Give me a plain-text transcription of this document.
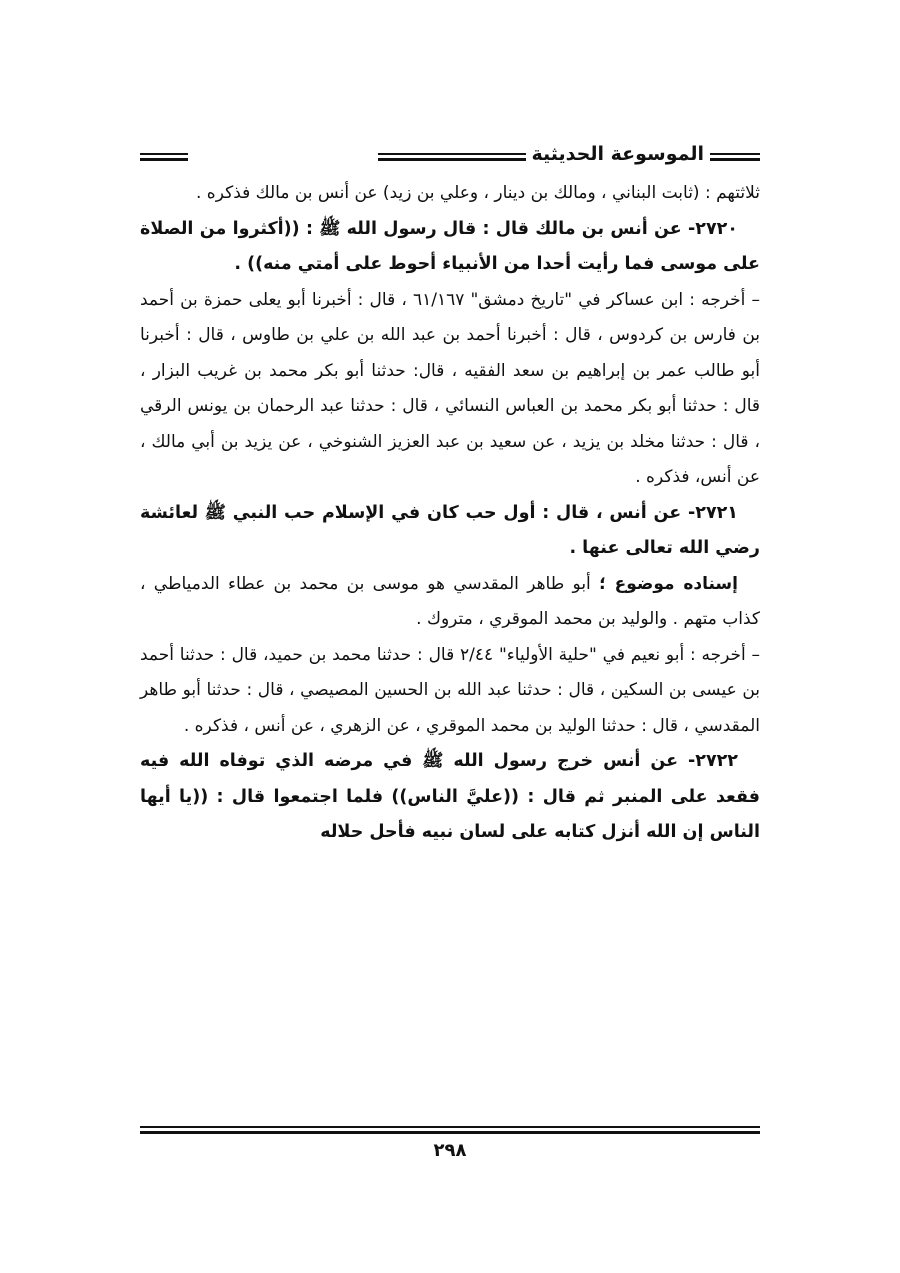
الموسوعة الحديثية

ثلاثتهم : (ثابت البناني ، ومالك بن دينار ، وعلي بن زيد) عن أنس بن مالك فذكره .

٢٧٢٠- عن أنس بن مالك قال : قال رسول الله ﷺ : ((أكثروا من الصلاة على موسى فما رأيت أحدا من الأنبياء أحوط على أمتي منه)) .

– أخرجه : ابن عساكر في "تاريخ دمشق" ٦١/١٦٧ ، قال : أخبرنا أبو يعلى حمزة بن أحمد بن فارس بن كردوس ، قال : أخبرنا أحمد بن عبد الله بن علي بن طاوس ، قال : أخبرنا أبو طالب عمر بن إبراهيم بن سعد الفقيه ، قال: حدثنا أبو بكر محمد بن غريب البزار ، قال : حدثنا أبو بكر محمد بن العباس النسائي ، قال : حدثنا عبد الرحمان بن يونس الرقي ، قال : حدثنا مخلد بن يزيد ، عن سعيد بن عبد العزيز الشنوخي ، عن يزيد بن أبي مالك ، عن أنس، فذكره .

٢٧٢١- عن أنس ، قال : أول حب كان في الإسلام حب النبي ﷺ لعائشة رضي الله تعالى عنها .

إسناده موضوع ؛ أبو طاهر المقدسي هو موسى بن محمد بن عطاء الدمياطي ، كذاب متهم . والوليد بن محمد الموقري ، متروك .

– أخرجه : أبو نعيم في "حلية الأولياء" ٢/٤٤ قال : حدثنا محمد بن حميد، قال : حدثنا أحمد بن عيسى بن السكين ، قال : حدثنا عبد الله بن الحسين المصيصي ، قال : حدثنا أبو طاهر المقدسي ، قال : حدثنا الوليد بن محمد الموقري ، عن الزهري ، عن أنس ، فذكره .

٢٧٢٢- عن أنس خرج رسول الله ﷺ في مرضه الذي توفاه الله فيه فقعد على المنبر ثم قال : ((عليَّ الناس)) فلما اجتمعوا قال : ((يا أيها الناس إن الله أنزل كتابه على لسان نبيه فأحل حلاله

٢٩٨
